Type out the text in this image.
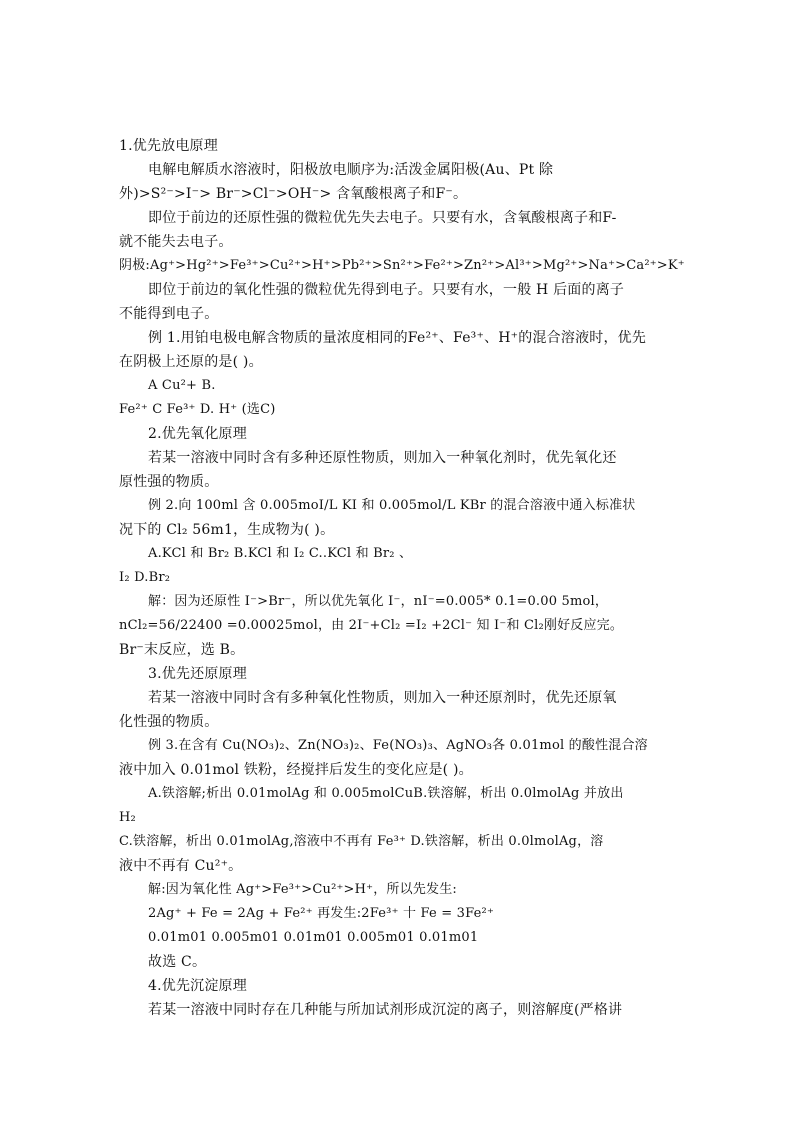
1.优先放电原理
电解电解质水溶液时，阳极放电顺序为:活泼金属阳极(Au、Pt 除
外)>S²⁻>I⁻> Br⁻>Cl⁻>OH⁻> 含氧酸根离子和F⁻。
即位于前边的还原性强的微粒优先失去电子。只要有水，含氧酸根离子和F-
就不能失去电子。
阴极:Ag⁺>Hg²⁺>Fe³⁺>Cu²⁺>H⁺>Pb²⁺>Sn²⁺>Fe²⁺>Zn²⁺>Al³⁺>Mg²⁺>Na⁺>Ca²⁺>K⁺
即位于前边的氧化性强的微粒优先得到电子。只要有水，一般 H 后面的离子
不能得到电子。
例 1.用铂电极电解含物质的量浓度相同的Fe²⁺、Fe³⁺、H⁺的混合溶液时，优先
在阴极上还原的是( )。
A Cu²+ B.
Fe²⁺ C Fe³⁺ D. H⁺ (选C)
2.优先氧化原理
若某一溶液中同时含有多种还原性物质，则加入一种氧化剂时，优先氧化还
原性强的物质。
例 2.向 100ml 含 0.005moI/L KI 和 0.005mol/L KBr 的混合溶液中通入标准状
况下的 Cl₂ 56m1，生成物为( )。
A.KCl 和 Br₂ B.KCl 和 I₂ C..KCl 和 Br₂ 、
I₂ D.Br₂
解：因为还原性 I⁻>Br⁻，所以优先氧化 I⁻，nI⁻=0.005* 0.1=0.00 5mol，
nCl₂=56/22400 =0.00025mol，由 2I⁻+Cl₂ =I₂ +2Cl⁻ 知 I⁻和 Cl₂刚好反应完。
Br⁻末反应，选 B。
3.优先还原原理
若某一溶液中同时含有多种氧化性物质，则加入一种还原剂时，优先还原氧
化性强的物质。
例 3.在含有 Cu(NO₃)₂、Zn(NO₃)₂、Fe(NO₃)₃、AgNO₃各 0.01mol 的酸性混合溶
液中加入 0.01mol 铁粉，经搅拌后发生的变化应是( )。
A.铁溶解;析出 0.01molAg 和 0.005molCuB.铁溶解，析出 0.0lmolAg 并放出
H₂
C.铁溶解，析出 0.01molAg,溶液中不再有 Fe³⁺ D.铁溶解，析出 0.0lmolAg，溶
液中不再有 Cu²⁺。
解:因为氧化性 Ag⁺>Fe³⁺>Cu²⁺>H⁺，所以先发生:
2Ag⁺ + Fe = 2Ag + Fe²⁺ 再发生:2Fe³⁺ 十 Fe = 3Fe²⁺
0.01m01 0.005m01 0.01m01 0.005m01 0.01m01
故选 C。
4.优先沉淀原理
若某一溶液中同时存在几种能与所加试剂形成沉淀的离子，则溶解度(严格讲
